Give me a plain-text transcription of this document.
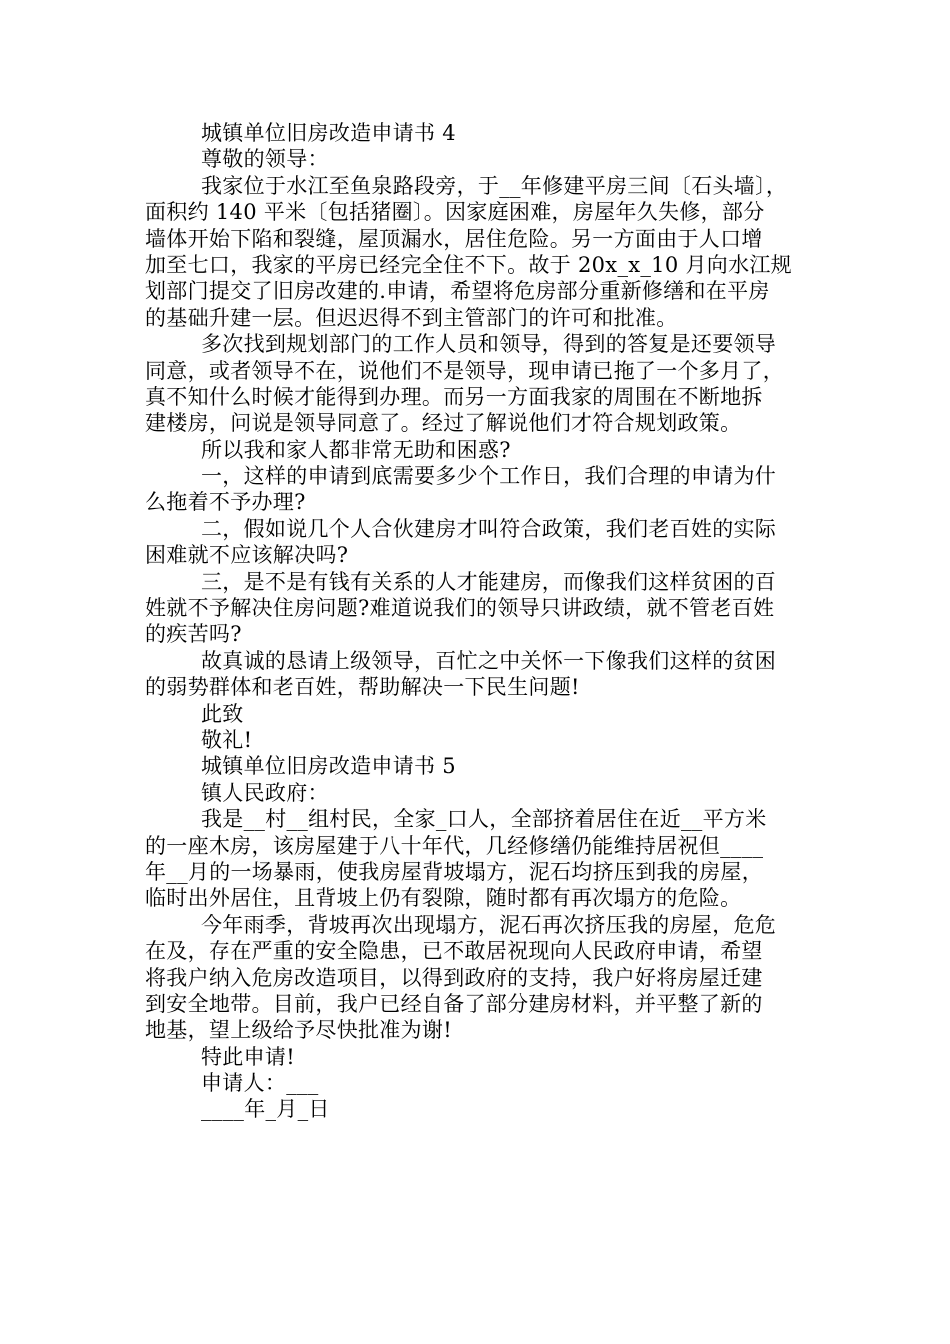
城镇单位旧房改造申请书 4
尊敬的领导：
我家位于水江至鱼泉路段旁，于__年修建平房三间〔石头墙〕，
面积约 140 平米〔包括猪圈〕。因家庭困难，房屋年久失修，部分
墙体开始下陷和裂缝，屋顶漏水，居住危险。另一方面由于人口增
加至七口，我家的平房已经完全住不下。故于 20x_x_10 月向水江规
划部门提交了旧房改建的.申请，希望将危房部分重新修缮和在平房
的基础升建一层。但迟迟得不到主管部门的许可和批准。
多次找到规划部门的工作人员和领导，得到的答复是还要领导
同意，或者领导不在，说他们不是领导，现申请已拖了一个多月了，
真不知什么时候才能得到办理。而另一方面我家的周围在不断地拆
建楼房，问说是领导同意了。经过了解说他们才符合规划政策。
所以我和家人都非常无助和困惑?
一，这样的申请到底需要多少个工作日，我们合理的申请为什
么拖着不予办理?
二，假如说几个人合伙建房才叫符合政策，我们老百姓的实际
困难就不应该解决吗?
三，是不是有钱有关系的人才能建房，而像我们这样贫困的百
姓就不予解决住房问题?难道说我们的领导只讲政绩，就不管老百姓
的疾苦吗?
故真诚的恳请上级领导，百忙之中关怀一下像我们这样的贫困
的弱势群体和老百姓，帮助解决一下民生问题!
此致
敬礼!
城镇单位旧房改造申请书 5
镇人民政府：
我是__村__组村民，全家_口人，全部挤着居住在近__平方米
的一座木房，该房屋建于八十年代，几经修缮仍能维持居祝但____
年__月的一场暴雨，使我房屋背坡塌方，泥石均挤压到我的房屋，
临时出外居住，且背坡上仍有裂隙，随时都有再次塌方的危险。
今年雨季，背坡再次出现塌方，泥石再次挤压我的房屋，危危
在及，存在严重的安全隐患，已不敢居祝现向人民政府申请，希望
将我户纳入危房改造项目，以得到政府的支持，我户好将房屋迁建
到安全地带。目前，我户已经自备了部分建房材料，并平整了新的
地基，望上级给予尽快批准为谢!
特此申请!
申请人：___
____年_月_日
